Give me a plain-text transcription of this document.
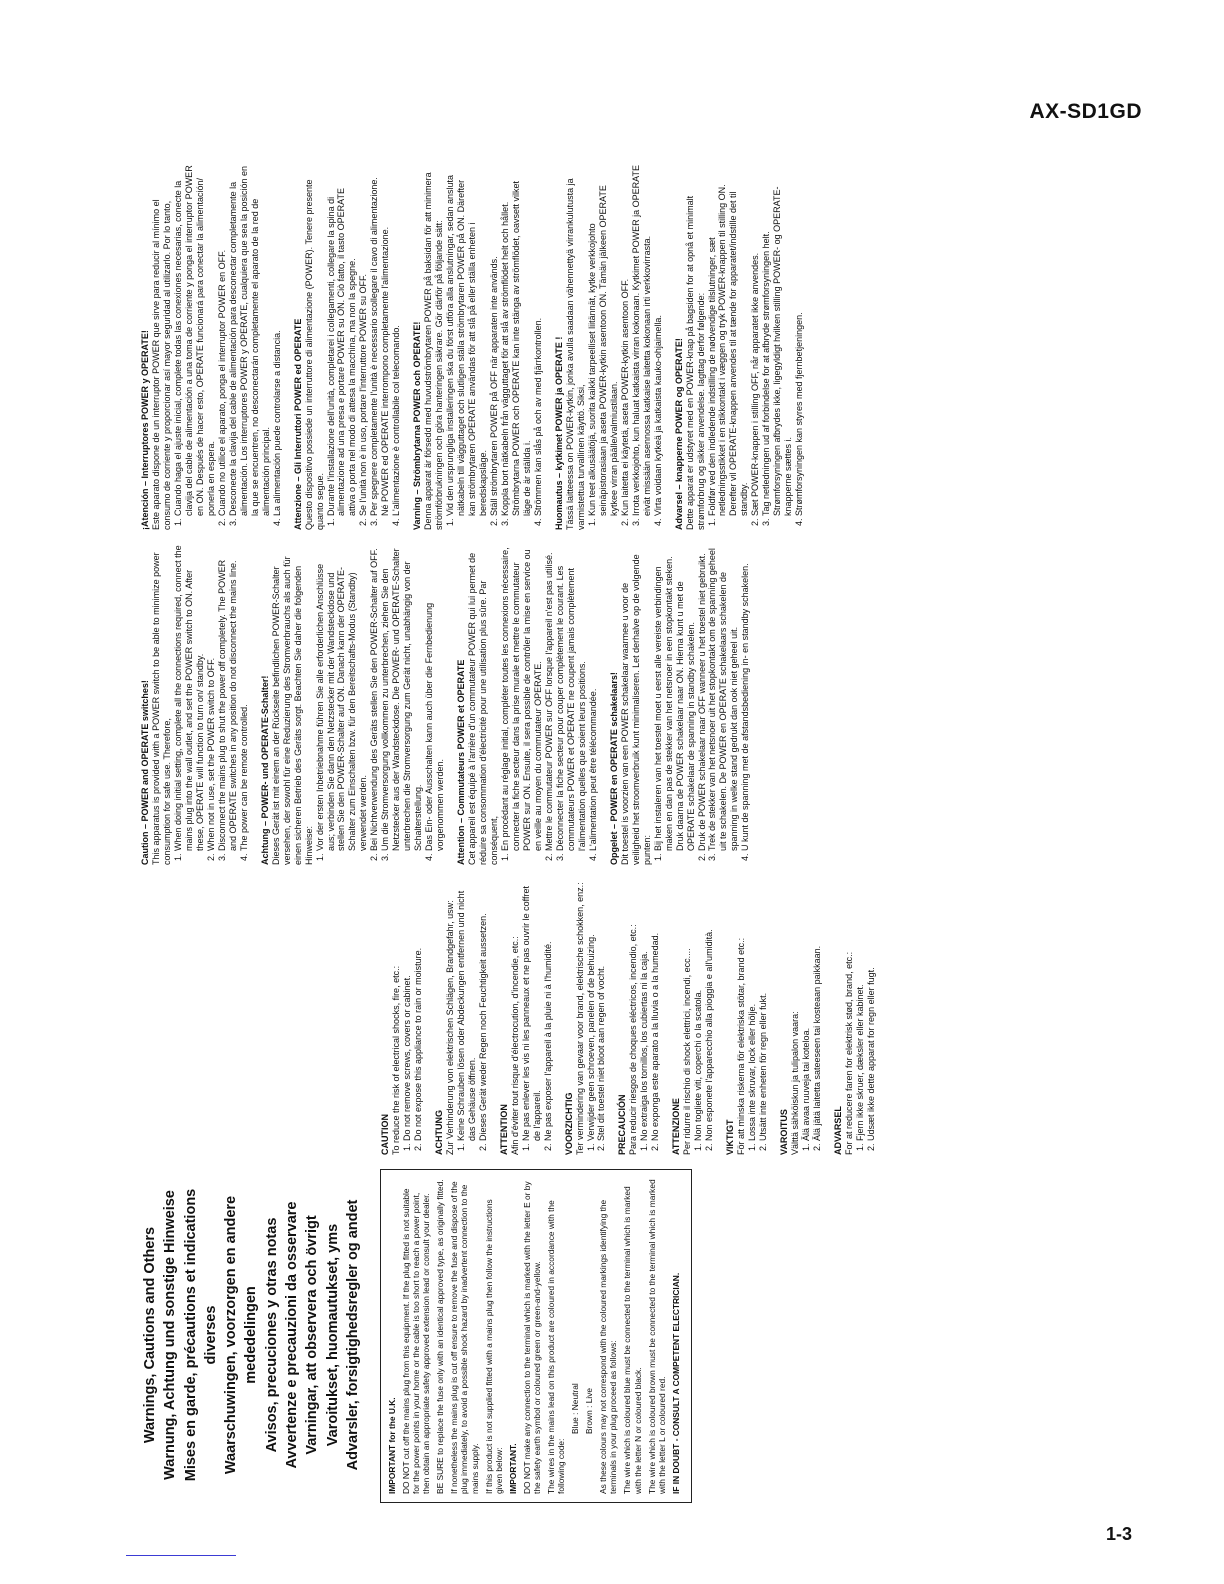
AX-SD1GD
Warnings, Cautions and Others Warnung, Achtung und sonstige Hinweise Mises en garde, précautions et indications diverses Waarschuwingen, voorzorgen en andere mededelingen Avisos, precuciones y otras notas Avvertenze e precauzioni da osservare Varningar, att observera och övrigt Varoitukset, huomautukset, yms Advarsler, forsigtighedsregler og andet	IMPORTANT for the U.K. DO NOT cut off the mains plug from this equipment. If the plug fitted is not suitable for the power points in your home or the cable is too short to reach a power point, then obtain an appropriate safety approved extension lead or consult your dealer. BE SURE to replace the fuse only with an identical approved type, as originally fitted. If nonetheless the mains plug is cut off ensure to remove the fuse and dispose of the plug immediately, to avoid a possible shock hazard by inadvertent connection to the mains supply. If this product is not supplied fitted with a mains plug then follow the instructions given below: IMPORTANT. DO NOT make any connection to the terminal which is marked with the letter E or by the safety earth symbol or coloured green or green-and-yellow. The wires in the mains lead on this product are coloured in accordance with the following code:

Blue : Neutral Brown : Live As these colours may not correspond with the coloured markings identifying the terminals in your plug proceed as follows: The wire which is coloured blue must be connected to the terminal which is marked with the letter N or coloured black. The wire which is coloured brown must be connected to the terminal which is marked with the letter L or coloured red. IF IN DOUBT - CONSULT A COMPETENT ELECTRICIAN.

CAUTION To reduce the risk of electrical shocks, fire, etc.: 1. Do not remove screws, covers or cabinet. 2. Do not expose this appliance to rain or moisture. ACHTUNG Zur Verhinderung von elektrischen Schlägen, Brandgefahr, usw: 1. Keine Schrauben lösen oder Abdeckungen entfernen und nicht das Gehäuse öffnen. 2. Dieses Gerät weder Regen noch Feuchtigkeit aussetzen. ATTENTION Afin d'éviter tout risque d'électrocution, d'incendie, etc.: 1. Ne pas enlever les vis ni les panneaux et ne pas ouvrir le coffret de l'appareil. 2. Ne pas exposer l'appareil à la pluie ni à l'humidité. VOORZICHTIG Ter vermindering van gevaar voor brand, elektrische schokken, enz.: 1. Verwijder geen schroeven, panelen of de behuizing. 2. Stel dit toestel niet bloot aan regen of vocht. PRECAUCIÓN Para reducir riesgos de choques eléctricos, incendio, etc.: 1. No extraiga los tornillos, los cubiertas ni la caja. 2. No exponga este aparato a la lluvia o a la humedad. ATTENZIONE Per ridurre il rischio di shock elettrici, incendi, ecc.... 1. Non togliete viti, coperchi o la scatola. 2. Non esponete l'apparecchio alla pioggia e all'umidità. VIKTIGT För att minska riskerna för elektriska stötar, brand etc.: 1. Lossa inte skruvar, lock eller hölje. 2. Utsätt inte enheten för regn eller fukt. VAROITUS Välttä sähköiskun ja tulipalon vaara: 1. Älä avaa ruuveja tai koteloa. 2. Älä jätä laitetta sateeseen tai kosteaan paikkaan. ADVARSEL For at reducere faren for elektrisk stød, brand, etc.: 1. Fjern ikke skruer, dæksler eller kabinet. 2. Udsæt ikke dette apparat for regn eller fugt.
Caution – POWER and OPERATE switches! This apparatus is provided with a POWER switch to be able to minimize power consumption for safe use. Therefore, 1. When doing initial setting, complete all the connections required, connect the mains plug into the wall outlet, and set the POWER switch to ON. After these, OPERATE will function to turn on/ standby. 2. When not in use, set the POWER switch to OFF. 3. Disconnect the mains plug to shut the power off completely. The POWER and OPERATE switches in any position do not disconnect the mains line. 4. The power can be remote controlled. Achtung – POWER- und OPERATE-Schalter! Dieses Gerät ist mit einem an der Rückseite befindlichen POWER-Schalter versehen, der sowohl für eine Reduzierung des Stromverbrauchs als auch für einen sicheren Betrieb des Geräts sorgt. Beachten Sie daher die folgenden Hinweise: 1. Vor der ersten Inbetriebnahme führen Sie alle erforderlichen Anschlüsse aus; verbinden Sie dann den Netzstecker mit der Wandsteckdose und stellen Sie den POWER-Schalter auf ON. Danach kann der OPERATE-Schalter zum Einschalten bzw. für den Bereitschafts-Modus (Standby) verwendet werden. 2. Bei Nichtverwendung des Geräts stellen Sie den POWER-Schalter auf OFF. 3. Um die Stromversorgung vollkommen zu unterbrechen, ziehen Sie den Netzstecker aus der Wandsteckdose. Die POWER- und OPERATE-Schalter unterbrechen die Stromversorgung zum Gerät nicht, unabhängig von der Schalterstellung. 4. Das Ein- oder Ausschalten kann auch über die Fernbedienung vorgenommen werden. Attention – Commutateurs POWER et OPERATE Cet appareil est équipé à l'arrière d'un commutateur POWER qui lui permet de réduire sa consommation d'électricité pour une utilisation plus sûre. Par conséquent, 1. En procédant au réglage initial, compléter toutes les connexions nécessaire, connecter la fiche secteur dans la prise murale et mettre le commutateur POWER sur ON. Ensuite, il sera possible de contrôler la mise en service ou en veille au moyen du commutateur OPERATE. 2. Mettre le commutateur POWER sur OFF lorsque l'appareil n'est pas utilisé. 3. Déconnecter la fiche secteur pour couper complètement le courant. Les commutateurs POWER et OPERATE ne coupent jamais complètement l'alimentation quelles que soient leurs positions. 4. L'alimentation peut être télécommandée. Opgelet – POWER en OPERATE schakelaars! Dit toestel is voorzien van een POWER schakelaar waarmee u voor de veiligheid het stroomverbruik kunt minimaliseren. Let derhalve op de volgende punten: 1. Bij het instaleren van het toestel moet u eerst alle vereiste verbindingen maken en dan pas de stekker van het netsnoer in een stopkontakt steken. Druk daarna de POWER schakelaar naar ON. Hierna kunt u met de OPERATE schakelaar de spanning in standby schakelen. 2. Druk de POWER schakelaar naar OFF wanneer u het toestel niet gebruikt. 3. Trek de stekker van het netsnoer uit het stopkontakt om de spanning geheel uit te schakelen. De POWER en OPERATE schakelaars schakelen de spanning in welke stand gedrukt dan ook niet geheel uit. 4. U kunt de spanning met de afstandsbediening in- en standby schakelen.
¡Atención – Interruptores POWER y OPERATE! Este aparato dispone de un interruptor POWER que sirve para reducir al mínimo el consumo de corriente y proporcionar así mayor seguridad al utilizarlo. Por lo tanto, 1. Cuando haga el ajuste inicial, complete todas las conexiones necesarias, conecte la clavija del cable de alimentación a una toma de corriente y ponga el interruptor POWER en ON. Después de hacer esto, OPERATE funcionará para conectar la alimentación/ ponerla en espera. 2. Cuando no utilice el aparato, ponga el interruptor POWER en OFF. 3. Desconecte la clavija del cable de alimentación para desconectar completamente la alimentación. Los interruptores POWER y OPERATE, cualquiera que sea la posición en la que se encuentren, no desconectarán completamente el aparato de la red de alimentación principal. 4. La alimentación puede controlarse a distancia. Attenzione – Gli Interruttori POWER ed OPERATE Questo dispositivo possiede un interruttore di alimentazione (POWER). Tenere presente quanto segue. 1. Durante l'installazione dell'unità, completarei i collegamenti, collegare la spina di alimentazione ad una presa e portare POWER su ON. Ciò fatto, il tasto OPERATE attiva o porta nel modo di attesa la macchina, ma non la spegne. 2. Se l'unità non è in uso, portare l'interruttore POWER su OFF. 3. Per spegnere completamente l'unità è necessario scollegare il cavo di alimentazione. Né POWER ed OPERATE interrompono completamente l'alimentazione. 4. L'alimentazione è controllabile col telecomando. Varning – Strömbrytarna POWER och OPERATE! Denna apparat är försedd med huvudströmbrytaren POWER på baksidan för att minimera strömförbrukningen och göra hanteringen säkrare. Gör därför på följande sätt: 1. Vid den ursprungliga installeringen ska du först utföra alla anslutningar, sedan ansluta nätkabeln till vägguttaget och slutligen ställa strömbrytaren POWER på ON. Därefter kan strömbrytaren OPERATE användas för att slå på eller ställa enheten i beredskapsläge. 2. Ställ strömbrytaren POWER på OFF när apparaten inte används. 3. Koppla bort nätkabeln från vägguttaget för att slå av strömflödet helt och hållet. Strömbrytarna POWER och OPERATE kan inte stänga av strömflödet, oavsett vilket läge de är ställda i. 4. Strömmen kan slås på och av med fjärrkontrollen. Huomautus – kytkimet POWER ja OPERATE ! Tässä laitteessa on POWER-kytkin, jonka avulla saadaan vähennettyä virrankulutusta ja varmistettua turvallinen käyttö. Siksi, 1. Kun teet alkusäätöjä, suorita kaikki tarpeelliset liitännät, kytke verkkojohto seinäpistorasiaan ja aseta POWER-kytkin asentoon ON. Tämän jälkeen OPERATE kytkee virran päälle/valmiustilaan. 2. Kun laitetta ei käytetä, aseta POWER-kytkin asentoon OFF. 3. Irrota verkkojohto, kun haluat katkaista virran kokonaan. Kytkimet POWER ja OPERATE eivät missään asennossa katkaise laitetta kokonaan irti verkkovirrasta. 4. Virta voidaan kytkeä ja katkaista kauko-ohjaimella. Advarsel – knapperne POWER og OPERATE! Dette apparat er udstyret med en POWER-knap på bagsiden for at opnå et minimalt strømforbrug og sikker anvendelse. Iagttag derfor følgende: 1. Foldfør ved den indledende indstilling de nødvendige tilslutninger, sæt netledningsstikket i en stikkontakt i væggen og tryk POWER-knappen til stilling ON. Derefter vil OPERATE-knappen anvendes til at tænde for apparatet/indstille det til standby. 2. Sæt POWER-knappen i stilling OFF, når apparatet ikke anvendes. 3. Tag netledningen ud af forbindelse for at afbryde strømforsyningen helt. Strømforsyningen afbrydes ikke, ligegyldigt hvilken stilling POWER- og OPERATE-knapperne sættes i. 4. Strømforsyningen kan styres med fjernbetjeningen.
1-3
